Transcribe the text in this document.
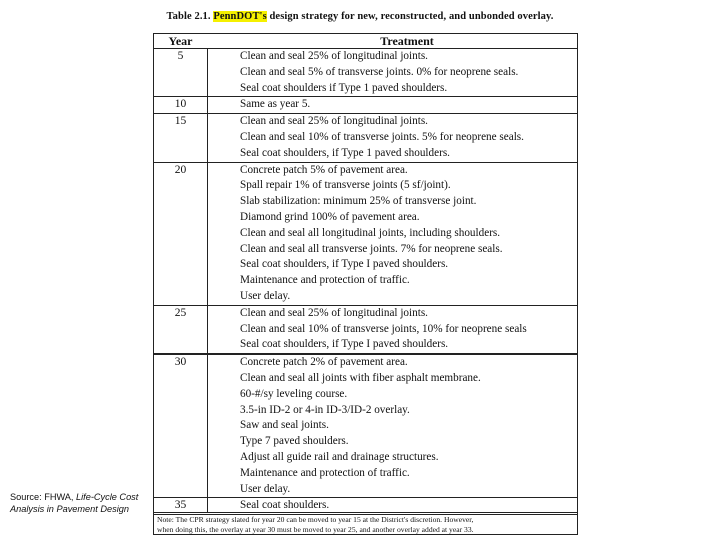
Table 2.1. PennDOT's design strategy for new, reconstructed, and unbonded overlay.
Year	Treatment
5	Clean and seal 25% of longitudinal joints.
Clean and seal 5% of transverse joints. 0% for neoprene seals.
Seal coat shoulders if Type 1 paved shoulders.
10	Same as year 5.
15	Clean and seal 25% of longitudinal joints.
Clean and seal 10% of transverse joints. 5% for neoprene seals.
Seal coat shoulders, if Type 1 paved shoulders.
20	Concrete patch 5% of pavement area.
Spall repair 1% of transverse joints (5 sf/joint).
Slab stabilization: minimum 25% of transverse joint.
Diamond grind 100% of pavement area.
Clean and seal all longitudinal joints, including shoulders.
Clean and seal all transverse joints. 7% for neoprene seals.
Seal coat shoulders, if Type I paved shoulders.
Maintenance and protection of traffic.
User delay.
25	Clean and seal 25% of longitudinal joints.
Clean and seal 10% of transverse joints, 10% for neoprene seals
Seal coat shoulders, if Type I paved shoulders.
30	Concrete patch 2% of pavement area.
Clean and seal all joints with fiber asphalt membrane.
60-#/sy leveling course.
3.5-in ID-2 or 4-in ID-3/ID-2 overlay.
Saw and seal joints.
Type 7 paved shoulders.
Adjust all guide rail and drainage structures.
Maintenance and protection of traffic.
User delay.
35	Seal coat shoulders.
Note: The CPR strategy slated for year 20 can be moved to year 15 at the District's discretion. However,
when doing this, the overlay at year 30 must be moved to year 25, and another overlay added at year 33.
Source: FHWA, Life-Cycle Cost Analysis in Pavement Design
